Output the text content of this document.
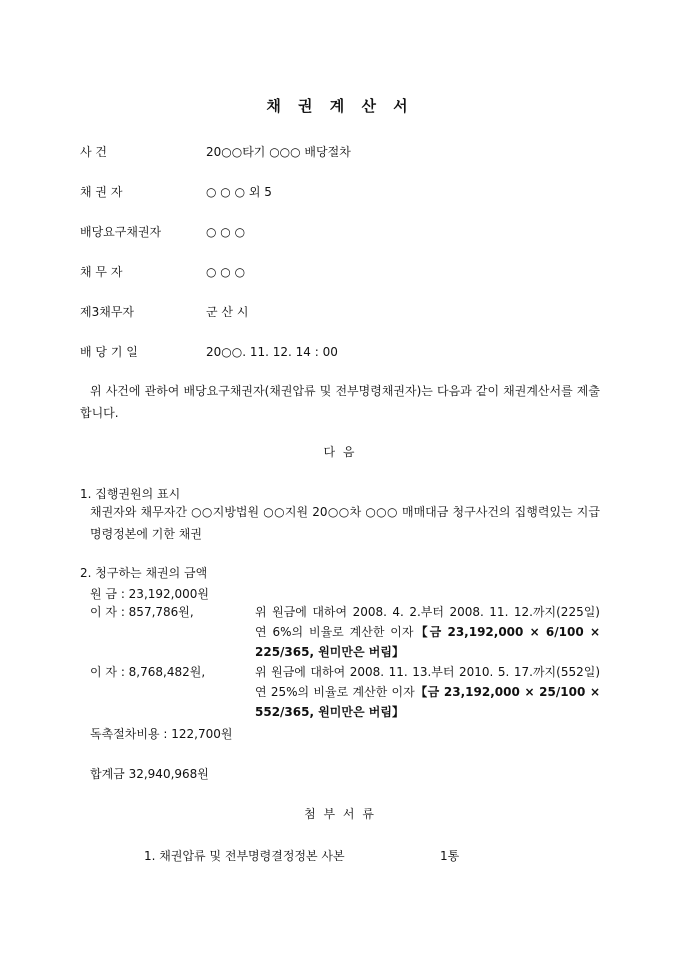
채 권 계 산 서
사 건	20○○타기 ○○○ 배당절차
채 권 자	○ ○ ○ 외 5
배당요구채권자	○ ○ ○
채 무 자	○ ○ ○
제3채무자	군 산 시
배 당 기 일	20○○. 11. 12. 14 : 00
위 사건에 관하여 배당요구채권자(채권압류 및 전부명령채권자)는 다음과 같이 채권계산서를 제출합니다.
다 음
1. 집행권원의 표시
채권자와 채무자간 ○○지방법원 ○○지원 20○○차 ○○○ 매매대금 청구사건의 집행력있는 지급명령정본에 기한 채권
2. 청구하는 채권의 금액
원 금 : 23,192,000원
이 자 : 857,786원,	위 원금에 대하여 2008. 4. 2.부터 2008. 11. 12.까지(225일) 연 6%의 비율로 계산한 이자【금 23,192,000 × 6/100 × 225/365, 원미만은 버림】
이 자 : 8,768,482원,	위 원금에 대하여 2008. 11. 13.부터 2010. 5. 17.까지(552일) 연 25%의 비율로 계산한 이자【금 23,192,000 × 25/100 × 552/365, 원미만은 버림】
독촉절차비용 : 122,700원
합계금 32,940,968원
첨 부 서 류
1. 채권압류 및 전부명령결정정본 사본	1통
